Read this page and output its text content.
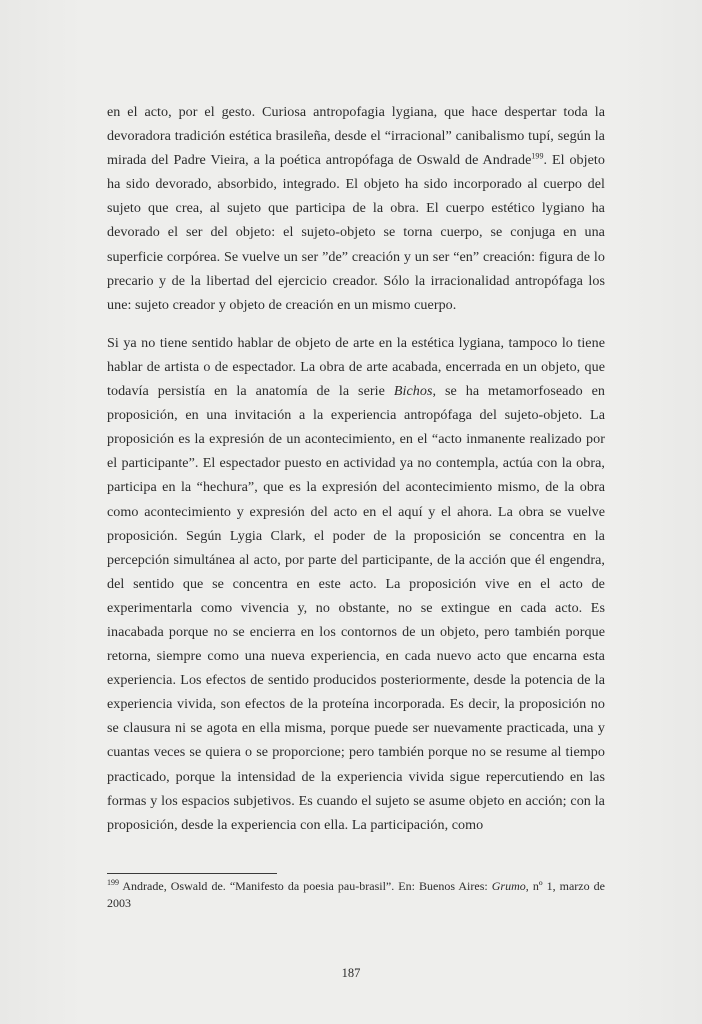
en el acto, por el gesto. Curiosa antropofagia lygiana, que hace despertar toda la devoradora tradición estética brasileña, desde el “irracional” canibalismo tupí, según la mirada del Padre Vieira, a la poética antropófaga de Oswald de Andrade$^{199}$. El objeto ha sido devorado, absorbido, integrado. El objeto ha sido incorporado al cuerpo del sujeto que crea, al sujeto que participa de la obra. El cuerpo estético lygiano ha devorado el ser del objeto: el sujeto-objeto se torna cuerpo, se conjuga en una superficie corpórea. Se vuelve un ser ”de” creación y un ser “en” creación: figura de lo precario y de la libertad del ejercicio creador. Sólo la irracionalidad antropófaga los une: sujeto creador y objeto de creación en un mismo cuerpo.

Si ya no tiene sentido hablar de objeto de arte en la estética lygiana, tampoco lo tiene hablar de artista o de espectador. La obra de arte acabada, encerrada en un objeto, que todavía persistía en la anatomía de la serie Bichos, se ha metamorfoseado en proposición, en una invitación a la experiencia antropófaga del sujeto-objeto. La proposición es la expresión de un acontecimiento, en el “acto inmanente realizado por el participante”. El espectador puesto en actividad ya no contempla, actúa con la obra, participa en la “hechura”, que es la expresión del acontecimiento mismo, de la obra como acontecimiento y expresión del acto en el aquí y el ahora. La obra se vuelve proposición. Según Lygia Clark, el poder de la proposición se concentra en la percepción simultánea al acto, por parte del participante, de la acción que él engendra, del sentido que se concentra en este acto. La proposición vive en el acto de experimentarla como vivencia y, no obstante, no se extingue en cada acto. Es inacabada porque no se encierra en los contornos de un objeto, pero también porque retorna, siempre como una nueva experiencia, en cada nuevo acto que encarna esta experiencia. Los efectos de sentido producidos posteriormente, desde la potencia de la experiencia vivida, son efectos de la proteína incorporada. Es decir, la proposición no se clausura ni se agota en ella misma, porque puede ser nuevamente practicada, una y cuantas veces se quiera o se proporcione; pero también porque no se resume al tiempo practicado, porque la intensidad de la experiencia vivida sigue repercutiendo en las formas y los espacios subjetivos. Es cuando el sujeto se asume objeto en acción; con la proposición, desde la experiencia con ella. La participación, como

$^{199}$ Andrade, Oswald de. “Manifesto da poesia pau-brasil”. En: Buenos Aires: Grumo, nº 1, marzo de 2003

187
